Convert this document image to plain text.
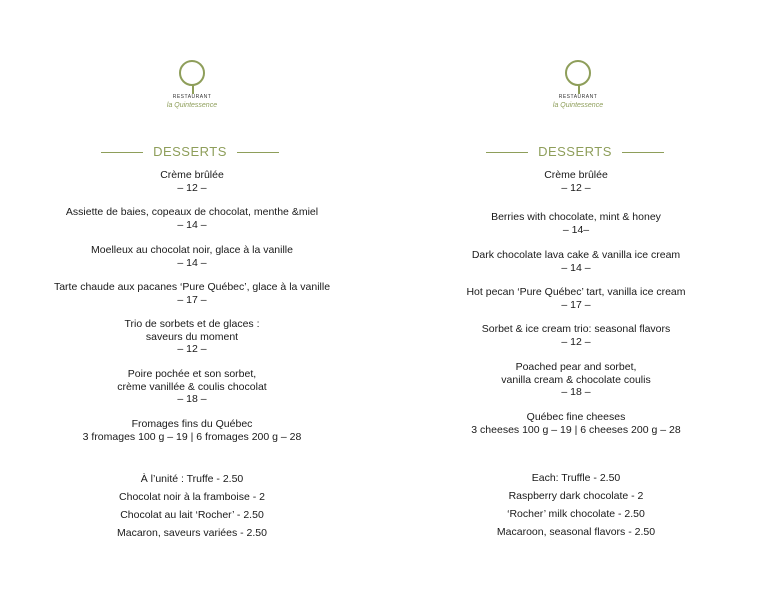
RESTAURANT
la Quintessence
DESSERTS
Crème brûlée
– 12 –
Assiette de baies, copeaux de chocolat, menthe &miel
– 14 –
Moelleux au chocolat noir, glace à la vanille
– 14 –
Tarte chaude aux pacanes ‘Pure Québec’, glace à la vanille
– 17 –
Trio de sorbets et de glaces :
saveurs du moment
– 12 –
Poire pochée et son sorbet,
crème vanillée & coulis chocolat
– 18 –
Fromages fins du Québec
3 fromages 100 g – 19 | 6 fromages 200 g – 28
À l’unité : Truffe - 2.50
Chocolat noir à la framboise - 2
Chocolat au lait ‘Rocher’ - 2.50
Macaron, saveurs variées - 2.50
RESTAURANT
la Quintessence
DESSERTS
Crème brûlée
– 12 –
Berries with chocolate, mint & honey
– 14–
Dark chocolate lava cake & vanilla ice cream
– 14 –
Hot pecan ‘Pure Québec’ tart, vanilla ice cream
– 17 –
Sorbet & ice cream trio: seasonal flavors
– 12 –
Poached pear and sorbet,
vanilla cream & chocolate coulis
– 18 –
Québec fine cheeses
3 cheeses 100 g – 19 | 6 cheeses 200 g – 28
Each: Truffle - 2.50
Raspberry dark chocolate - 2
‘Rocher’ milk chocolate - 2.50
Macaroon, seasonal flavors - 2.50
